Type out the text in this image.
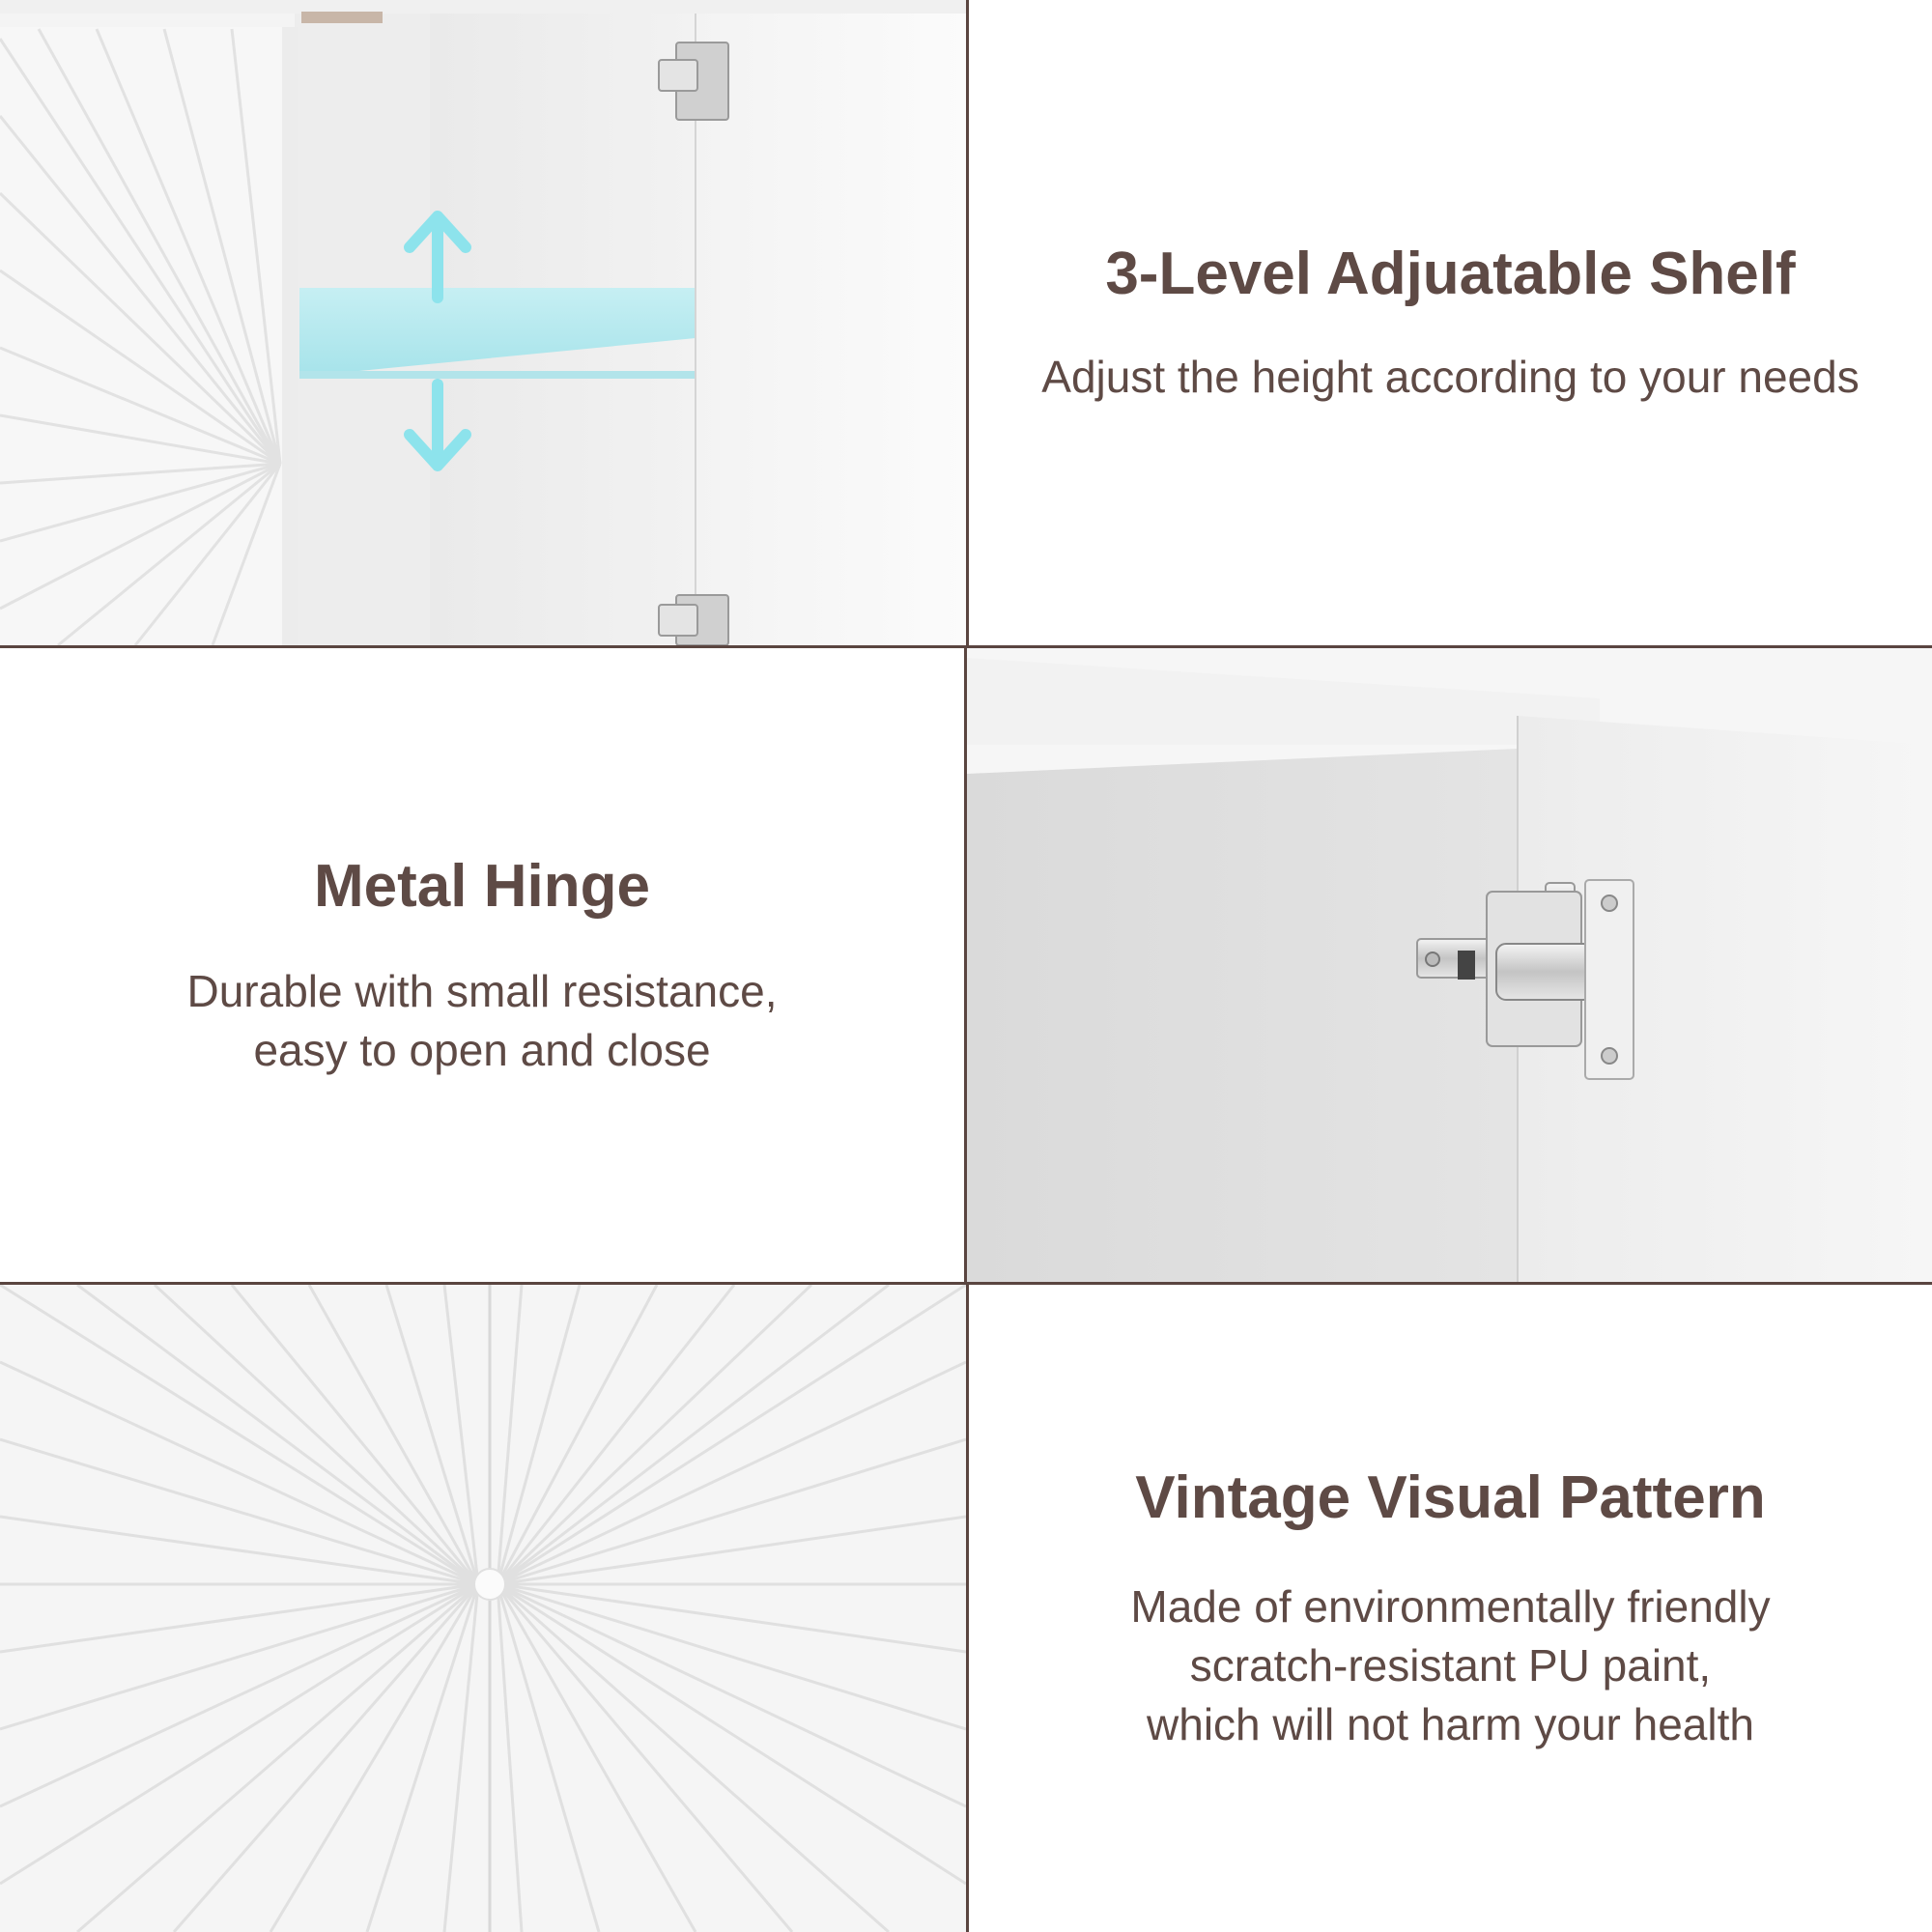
3-Level Adjuatable Shelf

Adjust the height according to your needs

Metal Hinge

Durable with small resistance,

easy to open and close

Vintage Visual Pattern

Made of environmentally friendly

scratch-resistant PU paint,

which will not harm your health
